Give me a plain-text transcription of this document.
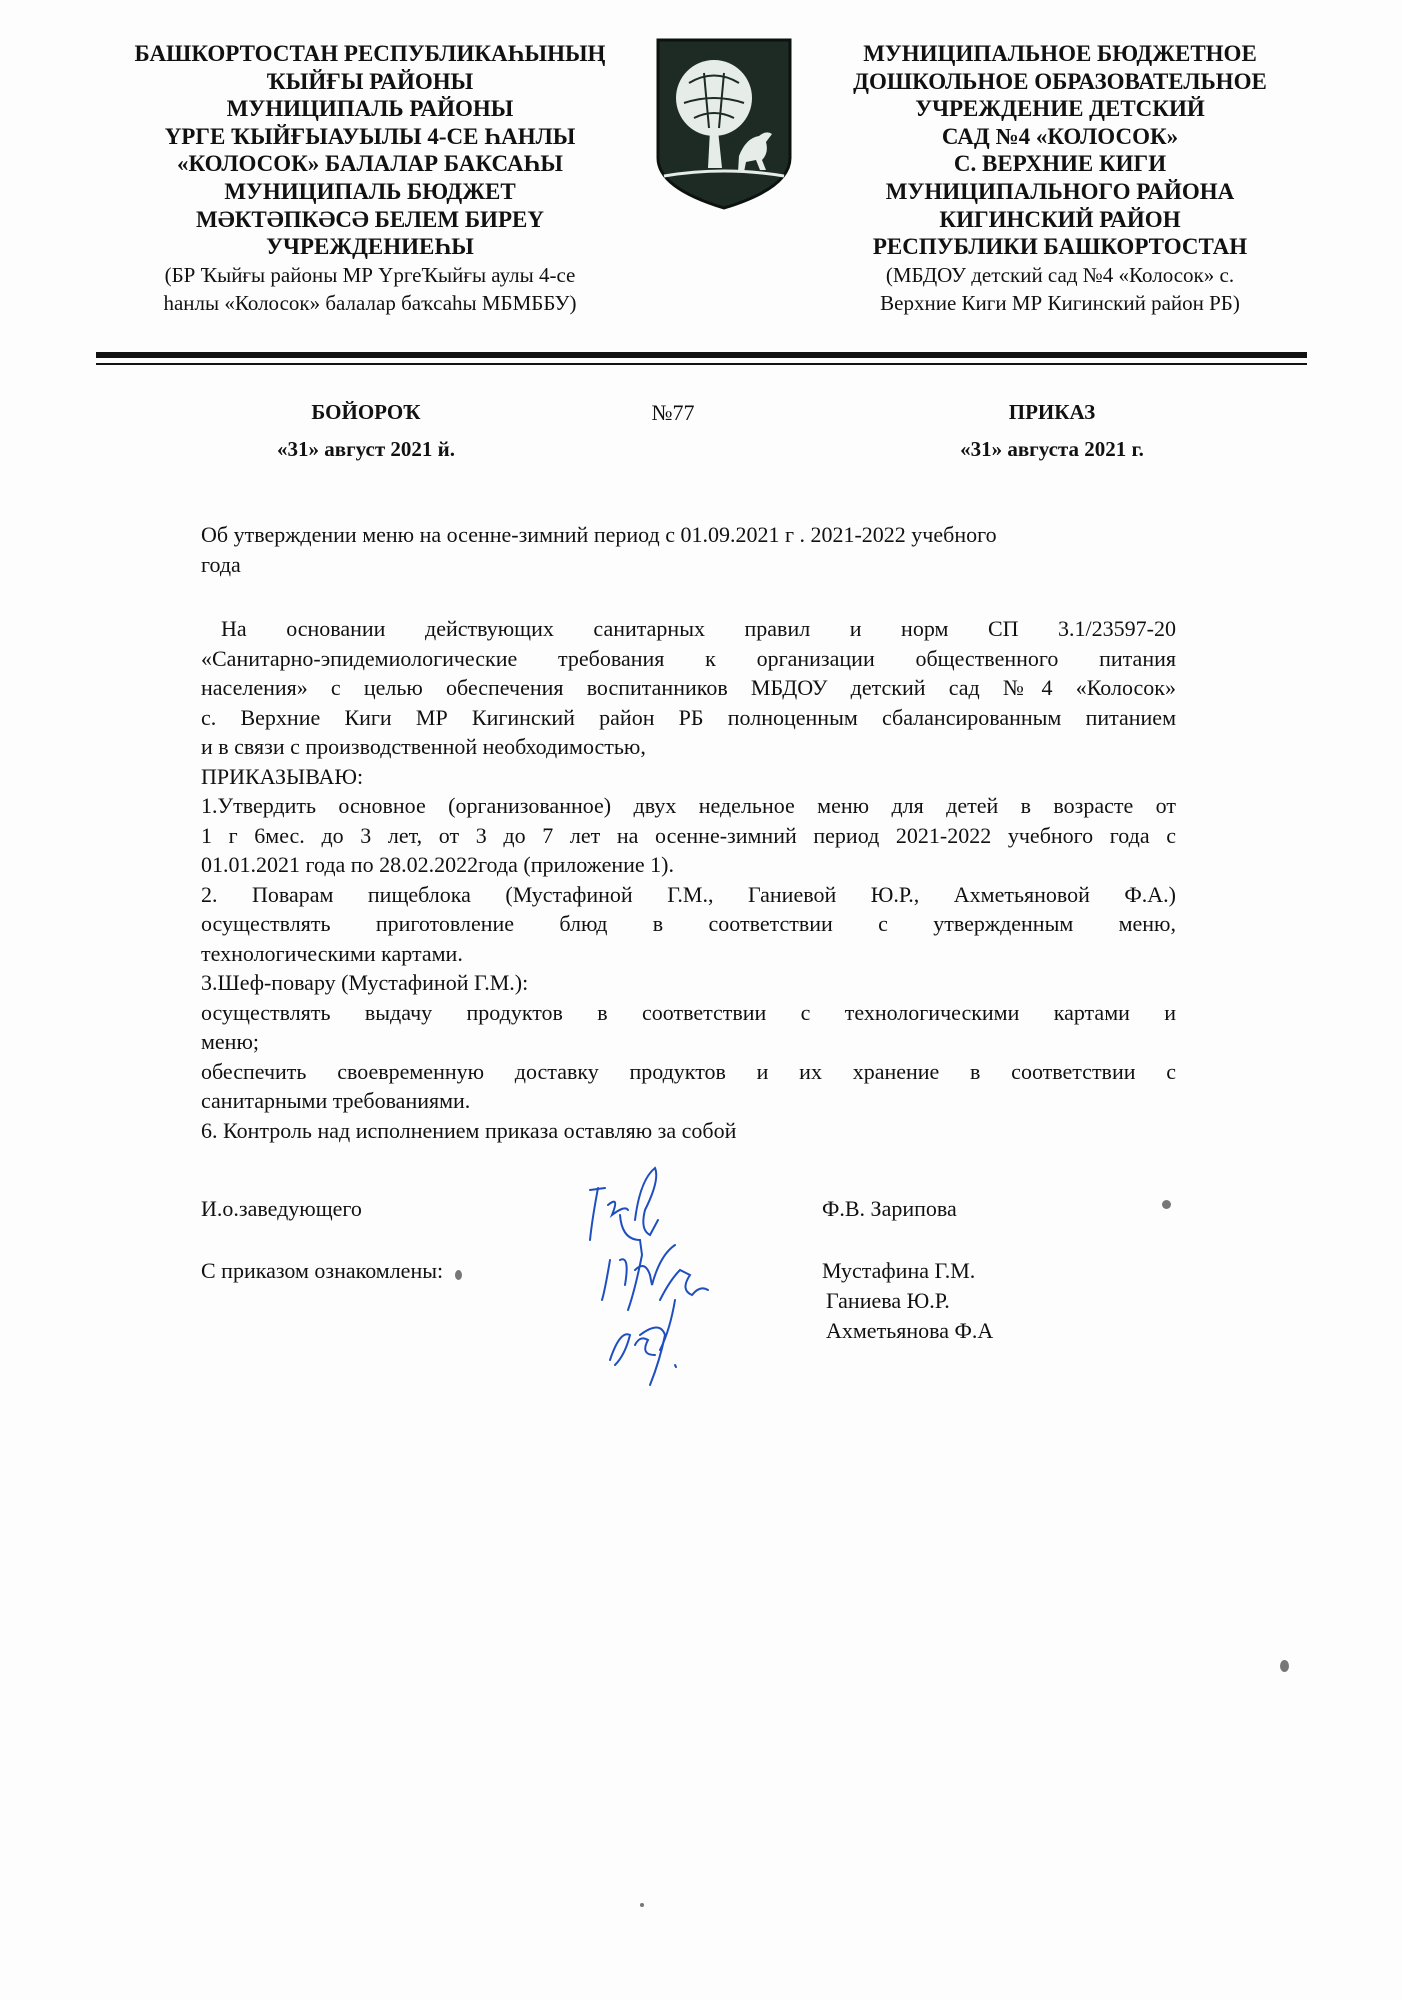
БАШКОРТОСТАН РЕСПУБЛИКАҺЫНЫҢ
ҠЫЙҒЫ РАЙОНЫ
МУНИЦИПАЛЬ РАЙОНЫ
ҮРГЕ ҠЫЙҒЫАУЫЛЫ 4-СЕ ҺАНЛЫ
«КОЛОСОК» БАЛАЛАР БАКСАҺЫ
МУНИЦИПАЛЬ БЮДЖЕТ
МӘКТӘПКӘСӘ БЕЛЕМ БИРЕҮ
УЧРЕЖДЕНИЕҺЫ
(БР Ҡыйғы районы МР ҮргеҠыйғы аулы 4-се
һанлы «Колосок» балалар баҡсаһы МБМББУ)
МУНИЦИПАЛЬНОЕ БЮДЖЕТНОЕ
ДОШКОЛЬНОЕ ОБРАЗОВАТЕЛЬНОЕ
УЧРЕЖДЕНИЕ ДЕТСКИЙ
САД №4 «КОЛОСОК»
С. ВЕРХНИЕ КИГИ
МУНИЦИПАЛЬНОГО РАЙОНА
КИГИНСКИЙ РАЙОН
РЕСПУБЛИКИ БАШКОРТОСТАН
(МБДОУ детский сад №4 «Колосок» с.
Верхние Киги МР Кигинский район РБ)
БОЙОРОҠ	№77	ПРИКАЗ
«31» август 2021 й.	«31» августа 2021 г.
Об утверждении меню на осенне-зимний период с 01.09.2021 г . 2021-2022 учебного
года
На основании действующих санитарных правил и норм СП 3.1/23597-20
«Санитарно-эпидемиологические требования к организации общественного питания
населения» с целью обеспечения воспитанников МБДОУ детский сад №4 «Колосок»
с. Верхние Киги МР Кигинский район РБ полноценным сбалансированным питанием
и в связи с производственной необходимостью,
ПРИКАЗЫВАЮ:
1.Утвердить основное (организованное) двух недельное меню для детей в возрасте от
1 г 6мес. до 3 лет, от 3 до 7 лет на осенне-зимний период 2021-2022 учебного года с
01.01.2021 года по 28.02.2022года (приложение 1).
2. Поварам пищеблока (Мустафиной Г.М., Ганиевой Ю.Р., Ахметьяновой Ф.А.)
осуществлять приготовление блюд в соответствии с утвержденным меню,
технологическими картами.
3.Шеф-повару (Мустафиной Г.М.):
осуществлять выдачу продуктов в соответствии с технологическими картами и
меню;
обеспечить своевременную доставку продуктов и их хранение в соответствии с
санитарными требованиями.
6. Контроль над исполнением приказа оставляю за собой
И.о.заведующего	Ф.В. Зарипова
С приказом ознакомлены:	Мустафина Г.М.
Ганиева Ю.Р.
Ахметьянова Ф.А
